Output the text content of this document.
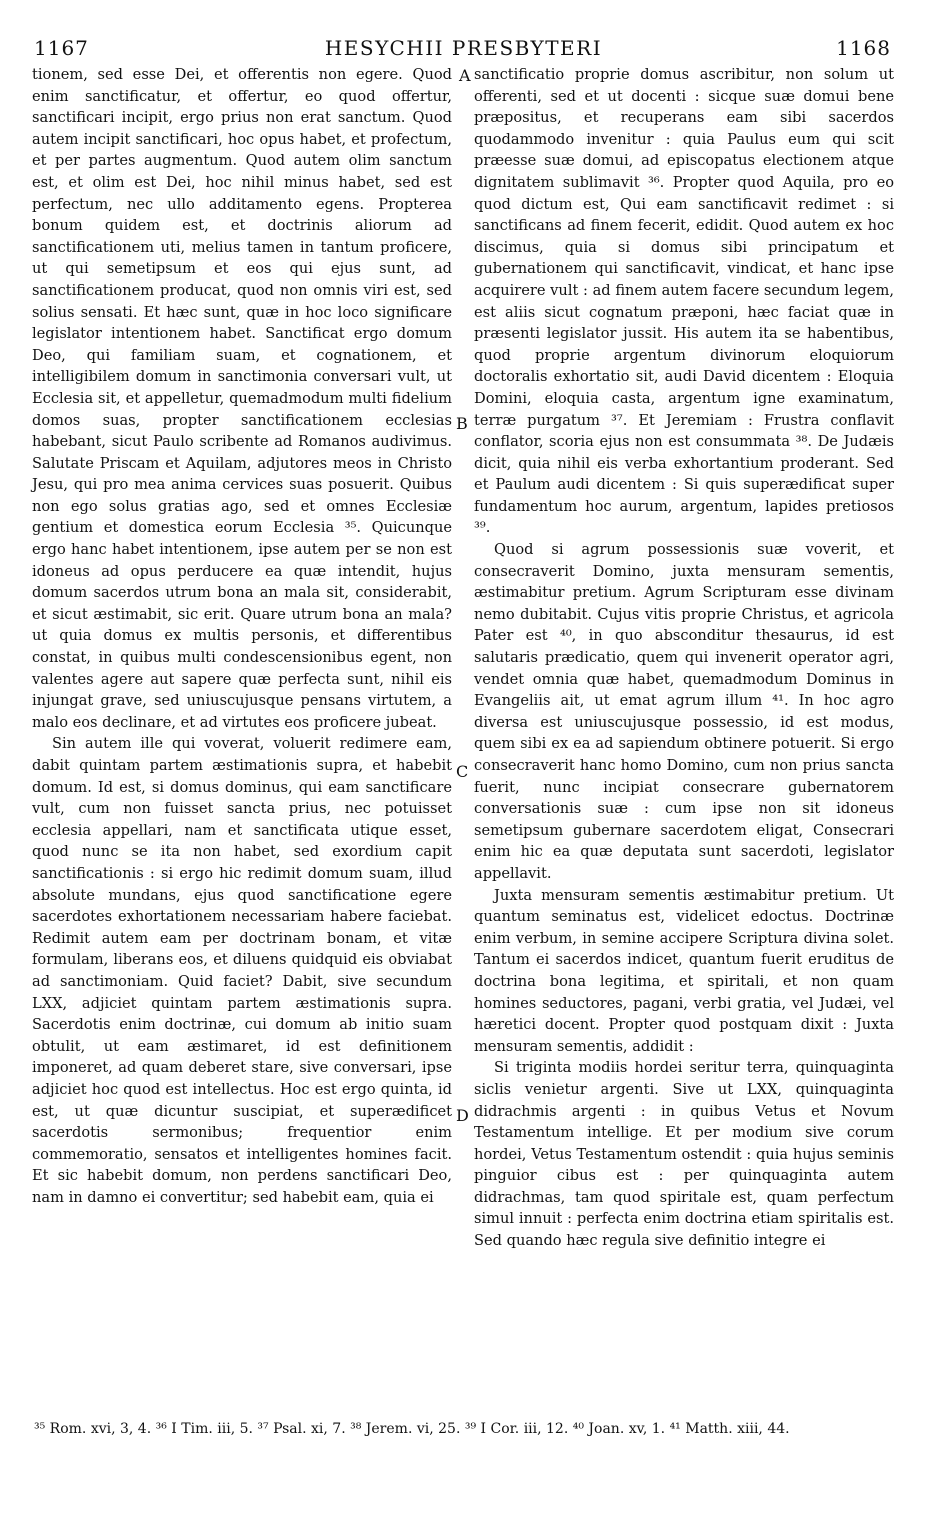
1167	HESYCHII PRESBYTERI	1168

tionem, sed esse Dei, et offerentis non egere. Quod enim sanctificatur, et offertur, eo quod offertur, sanctificari incipit, ergo prius non erat sanctum. Quod autem incipit sanctificari, hoc opus habet, et profectum, et per partes augmentum. Quod autem olim sanctum est, et olim est Dei, hoc nihil minus habet, sed est perfectum, nec ullo additamento egens. Propterea bonum quidem est, et doctrinis aliorum ad sanctificationem uti, melius tamen in tantum proficere, ut qui semetipsum et eos qui ejus sunt, ad sanctificationem producat, quod non omnis viri est, sed solius sensati. Et hæc sunt, quæ in hoc loco significare legislator intentionem habet. Sanctificat ergo domum Deo, qui familiam suam, et cognationem, et intelligibilem domum in sanctimonia conversari vult, ut Ecclesia sit, et appelletur, quemadmodum multi fidelium domos suas, propter sanctificationem ecclesias habebant, sicut Paulo scribente ad Romanos audivimus. Salutate Priscam et Aquilam, adjutores meos in Christo Jesu, qui pro mea anima cervices suas posuerit. Quibus non ego solus gratias ago, sed et omnes Ecclesiæ gentium et domestica eorum Ecclesia ³⁵. Quicunque ergo hanc habet intentionem, ipse autem per se non est idoneus ad opus perducere ea quæ intendit, hujus domum sacerdos utrum bona an mala sit, considerabit, et sicut æstimabit, sic erit. Quare utrum bona an mala? ut quia domus ex multis personis, et differentibus constat, in quibus multi condescensionibus egent, non valentes agere aut sapere quæ perfecta sunt, nihil eis injungat grave, sed uniuscujusque pensans virtutem, a malo eos declinare, et ad virtutes eos proficere jubeat.

Sin autem ille qui voverat, voluerit redimere eam, dabit quintam partem æstimationis supra, et habebit domum. Id est, si domus dominus, qui eam sanctificare vult, cum non fuisset sancta prius, nec potuisset ecclesia appellari, nam et sanctificata utique esset, quod nunc se ita non habet, sed exordium capit sanctificationis : si ergo hic redimit domum suam, illud absolute mundans, ejus quod sanctificatione egere sacerdotes exhortationem necessariam habere faciebat. Redimit autem eam per doctrinam bonam, et vitæ formulam, liberans eos, et diluens quidquid eis obviabat ad sanctimoniam. Quid faciet? Dabit, sive secundum LXX, adjiciet quintam partem æstimationis supra. Sacerdotis enim doctrinæ, cui domum ab initio suam obtulit, ut eam æstimaret, id est definitionem imponeret, ad quam deberet stare, sive conversari, ipse adjiciet hoc quod est intellectus. Hoc est ergo quinta, id est, ut quæ dicuntur suscipiat, et superædificet sacerdotis sermonibus; frequentior enim commemoratio, sensatos et intelligentes homines facit. Et sic habebit domum, non perdens sanctificari Deo, nam in damno ei convertitur; sed habebit eam, quia ei

A
B
C
D

sanctificatio proprie domus ascribitur, non solum ut offerenti, sed et ut docenti : sicque suæ domui bene præpositus, et recuperans eam sibi sacerdos quodammodo invenitur : quia Paulus eum qui scit præesse suæ domui, ad episcopatus electionem atque dignitatem sublimavit ³⁶. Propter quod Aquila, pro eo quod dictum est, Qui eam sanctificavit redimet : si sanctificans ad finem fecerit, edidit. Quod autem ex hoc discimus, quia si domus sibi principatum et gubernationem qui sanctificavit, vindicat, et hanc ipse acquirere vult : ad finem autem facere secundum legem, est aliis sicut cognatum præponi, hæc faciat quæ in præsenti legislator jussit. His autem ita se habentibus, quod proprie argentum divinorum eloquiorum doctoralis exhortatio sit, audi David dicentem : Eloquia Domini, eloquia casta, argentum igne examinatum, terræ purgatum ³⁷. Et Jeremiam : Frustra conflavit conflator, scoria ejus non est consummata ³⁸. De Judæis dicit, quia nihil eis verba exhortantium proderant. Sed et Paulum audi dicentem : Si quis superædificat super fundamentum hoc aurum, argentum, lapides pretiosos ³⁹.

Quod si agrum possessionis suæ voverit, et consecraverit Domino, juxta mensuram sementis, æstimabitur pretium. Agrum Scripturam esse divinam nemo dubitabit. Cujus vitis proprie Christus, et agricola Pater est ⁴⁰, in quo absconditur thesaurus, id est salutaris prædicatio, quem qui invenerit operator agri, vendet omnia quæ habet, quemadmodum Dominus in Evangeliis ait, ut emat agrum illum ⁴¹. In hoc agro diversa est uniuscujusque possessio, id est modus, quem sibi ex ea ad sapiendum obtinere potuerit. Si ergo consecraverit hanc homo Domino, cum non prius sancta fuerit, nunc incipiat consecrare gubernatorem conversationis suæ : cum ipse non sit idoneus semetipsum gubernare sacerdotem eligat, Consecrari enim hic ea quæ deputata sunt sacerdoti, legislator appellavit.

Juxta mensuram sementis æstimabitur pretium. Ut quantum seminatus est, videlicet edoctus. Doctrinæ enim verbum, in semine accipere Scriptura divina solet. Tantum ei sacerdos indicet, quantum fuerit eruditus de doctrina bona legitima, et spiritali, et non quam homines seductores, pagani, verbi gratia, vel Judæi, vel hæretici docent. Propter quod postquam dixit : Juxta mensuram sementis, addidit :

Si triginta modiis hordei seritur terra, quinquaginta siclis venietur argenti. Sive ut LXX, quinquaginta didrachmis argenti : in quibus Vetus et Novum Testamentum intellige. Et per modium sive corum hordei, Vetus Testamentum ostendit : quia hujus seminis pinguior cibus est : per quinquaginta autem didrachmas, tam quod spiritale est, quam perfectum simul innuit : perfecta enim doctrina etiam spiritalis est. Sed quando hæc regula sive definitio integre ei

³⁵ Rom. xvi, 3, 4. ³⁶ I Tim. iii, 5. ³⁷ Psal. xi, 7. ³⁸ Jerem. vi, 25. ³⁹ I Cor. iii, 12. ⁴⁰ Joan. xv, 1. ⁴¹ Matth. xiii, 44.
